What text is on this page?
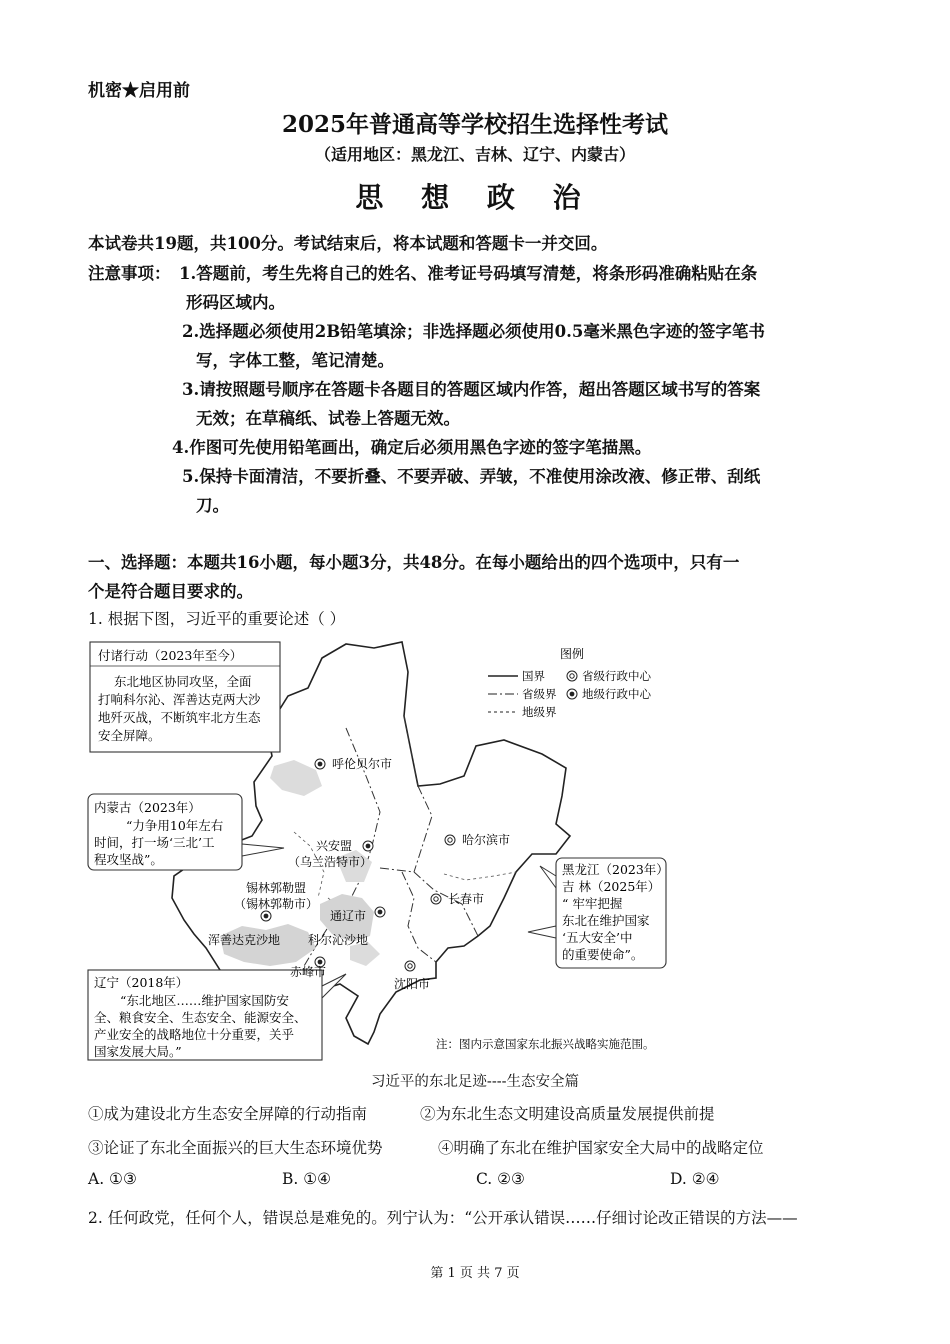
机密★启用前
2025年普通高等学校招生选择性考试
（适用地区：黑龙江、吉林、辽宁、内蒙古）
思 想 政 治
本试卷共19题，共100分。考试结束后，将本试题和答题卡一并交回。
注意事项： 1.答题前，考生先将自己的姓名、准考证号码填写清楚，将条形码准确粘贴在条
形码区域内。
2.选择题必须使用2B铅笔填涂；非选择题必须使用0.5毫米黑色字迹的签字笔书
写，字体工整，笔记清楚。
3.请按照题号顺序在答题卡各题目的答题区域内作答，超出答题区域书写的答案
无效；在草稿纸、试卷上答题无效。
4.作图可先使用铅笔画出，确定后必须用黑色字迹的签字笔描黑。
5.保持卡面清洁，不要折叠、不要弄破、弄皱，不准使用涂改液、修正带、刮纸
刀。
一、选择题：本题共16小题，每小题3分，共48分。在每小题给出的四个选项中，只有一
个是符合题目要求的。
1. 根据下图，习近平的重要论述（ ）
付诸行动（2023年至今）
东北地区协同攻坚，全面
打响科尔沁、浑善达克两大沙
地歼灭战，不断筑牢北方生态
安全屏障。
内蒙古（2023年）
“力争用10年左右
时间，打一场‘三北’工
程攻坚战”。
黑龙江（2023年）
吉 林（2025年）
“ 牢牢把握
东北在维护国家
‘五大安全’中
的重要使命”。
辽宁（2018年）
“东北地区……维护国家国防安
全、粮食安全、生态安全、能源安全、
产业安全的战略地位十分重要，关乎
国家发展大局。”
图例
国界
省级界
地级界
省级行政中心
地级行政中心
呼伦贝尔市
哈尔滨市
兴安盟
（乌兰浩特市）
长春市
锡林郭勒盟
（锡林郭勒市）
通辽市
浑善达克沙地 科尔沁沙地
赤峰市
沈阳市
注：图内示意国家东北振兴战略实施范围。
习近平的东北足迹----生态安全篇
①成为建设北方生态安全屏障的行动指南	②为东北生态文明建设高质量发展提供前提
③论证了东北全面振兴的巨大生态环境优势	④明确了东北在维护国家安全大局中的战略定位
A. ①③	B. ①④	C. ②③	D. ②④
2. 任何政党，任何个人，错误总是难免的。列宁认为：“公开承认错误……仔细讨论改正错误的方法——
第 1 页 共 7 页
